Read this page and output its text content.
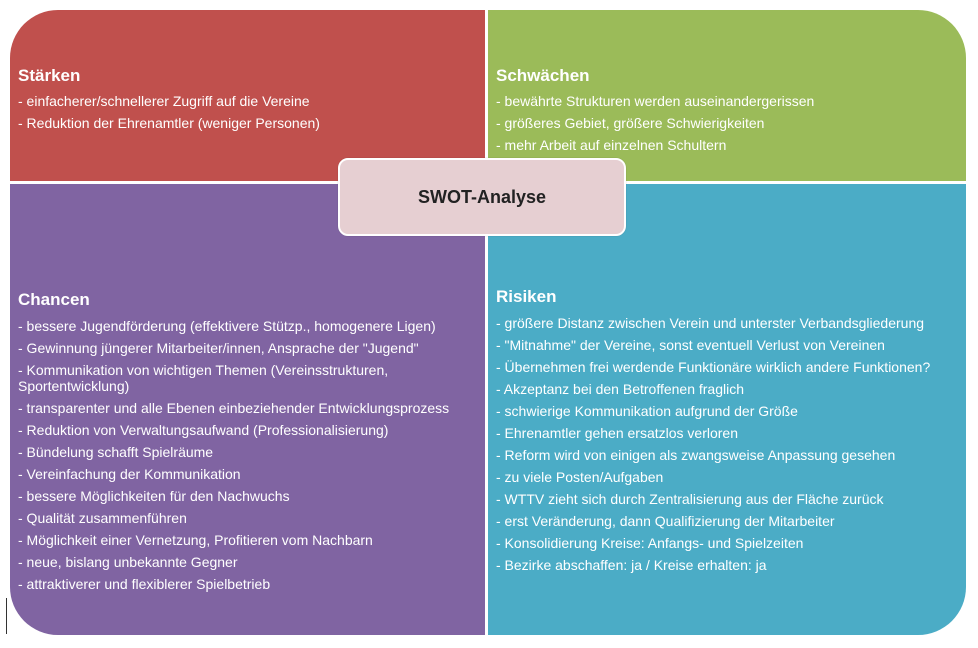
Stärken
- einfacherer/schnellerer Zugriff auf die Vereine
- Reduktion der Ehrenamtler (weniger Personen)
Schwächen
- bewährte Strukturen werden auseinandergerissen
- größeres Gebiet, größere Schwierigkeiten
- mehr Arbeit auf einzelnen Schultern
Chancen
- bessere Jugendförderung (effektivere Stützp., homogenere Ligen)
- Gewinnung jüngerer Mitarbeiter/innen, Ansprache der "Jugend"
- Kommunikation von wichtigen Themen (Vereinsstrukturen, Sportentwicklung)
- transparenter und alle Ebenen einbeziehender Entwicklungsprozess
- Reduktion von Verwaltungsaufwand (Professionalisierung)
- Bündelung schafft Spielräume
- Vereinfachung der Kommunikation
- bessere Möglichkeiten für den Nachwuchs
- Qualität zusammenführen
- Möglichkeit einer Vernetzung, Profitieren vom Nachbarn
- neue, bislang unbekannte Gegner
- attraktiverer und flexiblerer Spielbetrieb
Risiken
- größere Distanz zwischen Verein und unterster Verbandsgliederung
- "Mitnahme" der Vereine, sonst eventuell Verlust von Vereinen
- Übernehmen frei werdende Funktionäre wirklich andere Funktionen?
- Akzeptanz bei den Betroffenen fraglich
- schwierige Kommunikation aufgrund der Größe
- Ehrenamtler gehen ersatzlos verloren
- Reform wird von einigen als zwangsweise Anpassung gesehen
- zu viele Posten/Aufgaben
- WTTV zieht sich durch Zentralisierung aus der Fläche zurück
- erst Veränderung, dann Qualifizierung der Mitarbeiter
- Konsolidierung Kreise: Anfangs- und Spielzeiten
- Bezirke abschaffen: ja / Kreise erhalten: ja
SWOT-Analyse
